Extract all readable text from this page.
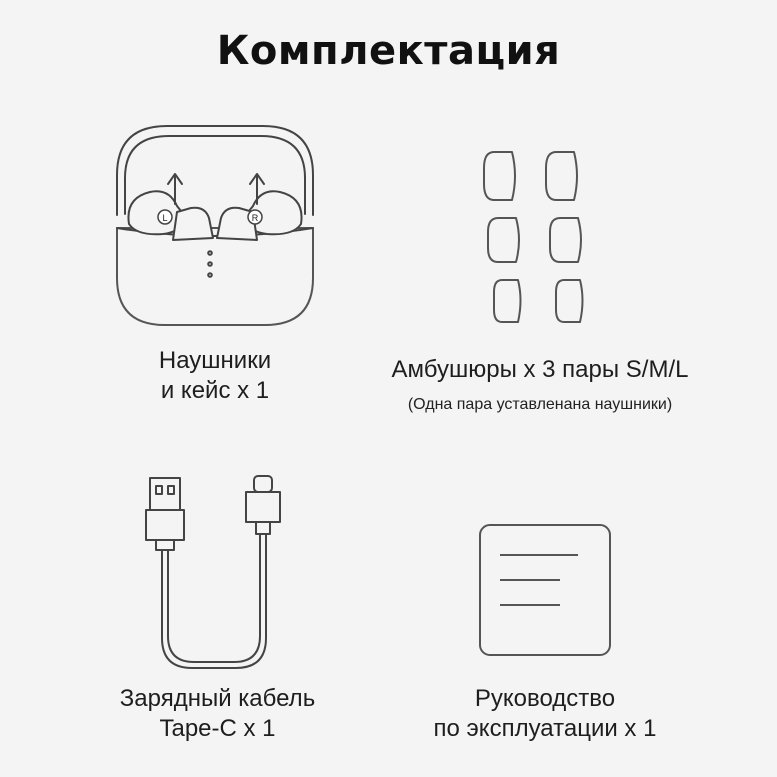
Комплектация
L	R
Наушники
и кейс х 1
Амбушюры х 3 пары S/M/L
(Одна пара уставленана наушники)
Зарядный кабель
Tape-C x 1
Руководство
по эксплуатации х 1
